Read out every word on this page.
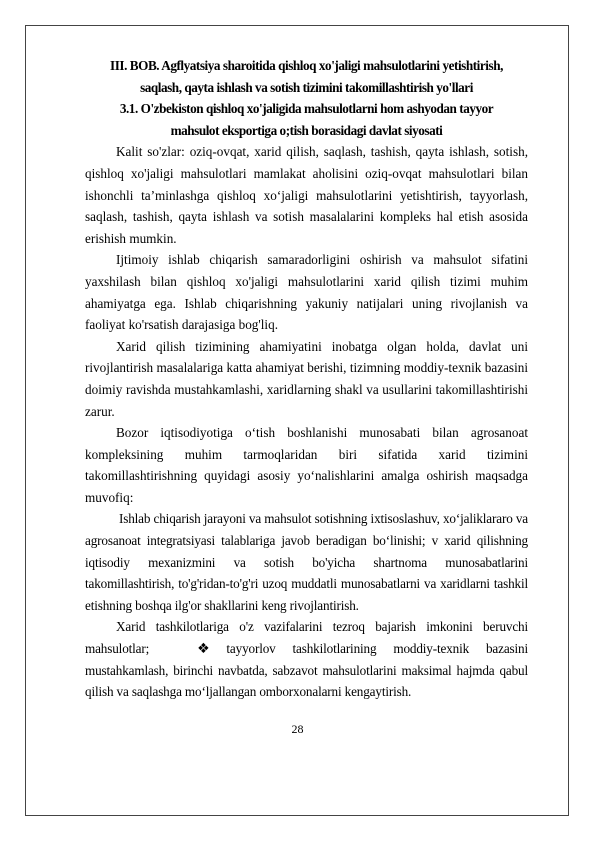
III. BOB. Agflyatsiya sharoitida qishloq xo'jaligi mahsulotlarini yetishtirish,

saqlash, qayta ishlash va sotish tizimini takomillashtirish yo'llari

3.1. O'zbekiston qishloq xo'jaligida mahsulotlarni hom ashyodan tayyor

mahsulot eksportiga o;tish borasidagi davlat siyosati

Kalit so'zlar: oziq-ovqat, xarid qilish, saqlash, tashish, qayta ishlash, sotish, qishloq xo'jaligi mahsulotlari mamlakat aholisini oziq-ovqat mahsulotlari bilan ishonchli ta’minlashga qishloq xo‘jaligi mahsulotlarini yetishtirish, tayyorlash, saqlash, tashish, qayta ishlash va sotish masalalarini kompleks hal etish asosida erishish mumkin.

Ijtimoiy ishlab chiqarish samaradorligini oshirish va mahsulot sifatini yaxshilash bilan qishloq xo'jaligi mahsulotlarini xarid qilish tizimi muhim ahamiyatga ega. Ishlab chiqarishning yakuniy natijalari uning rivojlanish va faoliyat ko'rsatish darajasiga bog'liq.

Xarid qilish tizimining ahamiyatini inobatga olgan holda, davlat uni rivojlantirish masalalariga katta ahamiyat berishi, tizimning moddiy-texnik bazasini doimiy ravishda mustahkamlashi, xaridlarning shakl va usullarini takomillashtirishi zarur.

Bozor iqtisodiyotiga o‘tish boshlanishi munosabati bilan agrosanoat kompleksining muhim tarmoqlaridan biri sifatida xarid tizimini takomillashtirishning quyidagi asosiy yo‘nalishlarini amalga oshirish maqsadga muvofiq:

Ishlab chiqarish jarayoni va mahsulot sotishning ixtisoslashuv, xo‘jaliklararo va agrosanoat integratsiyasi talablariga javob beradigan bo‘linishi; v xarid qilishning iqtisodiy mexanizmini va sotish bo'yicha shartnoma munosabatlarini takomillashtirish, to'g'ridan-to'g'ri uzoq muddatli munosabatlarni va xaridlarni tashkil etishning boshqa ilg'or shakllarini keng rivojlantirish.

Xarid tashkilotlariga o'z vazifalarini tezroq bajarish imkonini beruvchi mahsulotlar;	❖ tayyorlov tashkilotlarining moddiy-texnik bazasini mustahkamlash, birinchi navbatda, sabzavot mahsulotlarini maksimal hajmda qabul qilish va saqlashga mo‘ljallangan omborxonalarni kengaytirish.

28
